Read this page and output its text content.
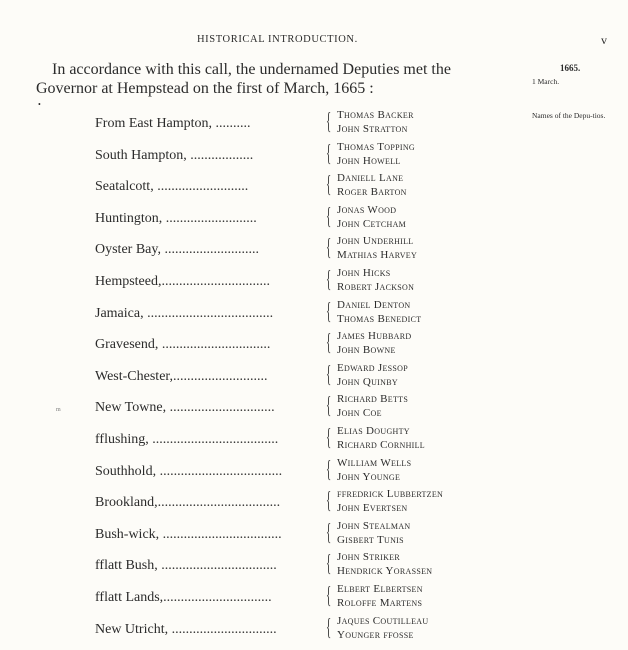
HISTORICAL INTRODUCTION.	v
In accordance with this call, the undernamed Deputies met the
Governor at Hempstead on the first of March, 1665 :
1665.
1 March.
Names of the Depu-tios.
•
m
From East Hampton, ..........	{ Thomas Backer
John Stratton
South Hampton, ..................	{ Thomas Topping
John Howell
Seatalcott, ..........................	{ Daniell Lane
Roger Barton
Huntington, ..........................	{ Jonas Wood
John Cetcham
Oyster Bay, ...........................	{ John Underhill
Mathias Harvey
Hempsteed,............................... { John Hicks
Robert Jackson
Jamaica, .................................... { Daniel Denton
Thomas Benedict
Gravesend, ............................... { James Hubbard
John Bowne
West-Chester,........................... { Edward Jessop
John Quinby
New Towne, .............................. { Richard Betts
John Coe
fflushing, .................................... { Elias Doughty
Richard Cornhill
Southhold, ................................... { William Wells
John Younge
Brookland,................................... { ffredrick Lubbertzen
John Evertsen
Bush-wick, .................................. { John Stealman
Gisbert Tunis
fflatt Bush, ................................. { John Striker
Hendrick Yorassen
fflatt Lands,............................... { Elbert Elbertsen
Roloffe Martens
New Utricht, .............................. { Jaques Coutilleau
Younger ffosse
